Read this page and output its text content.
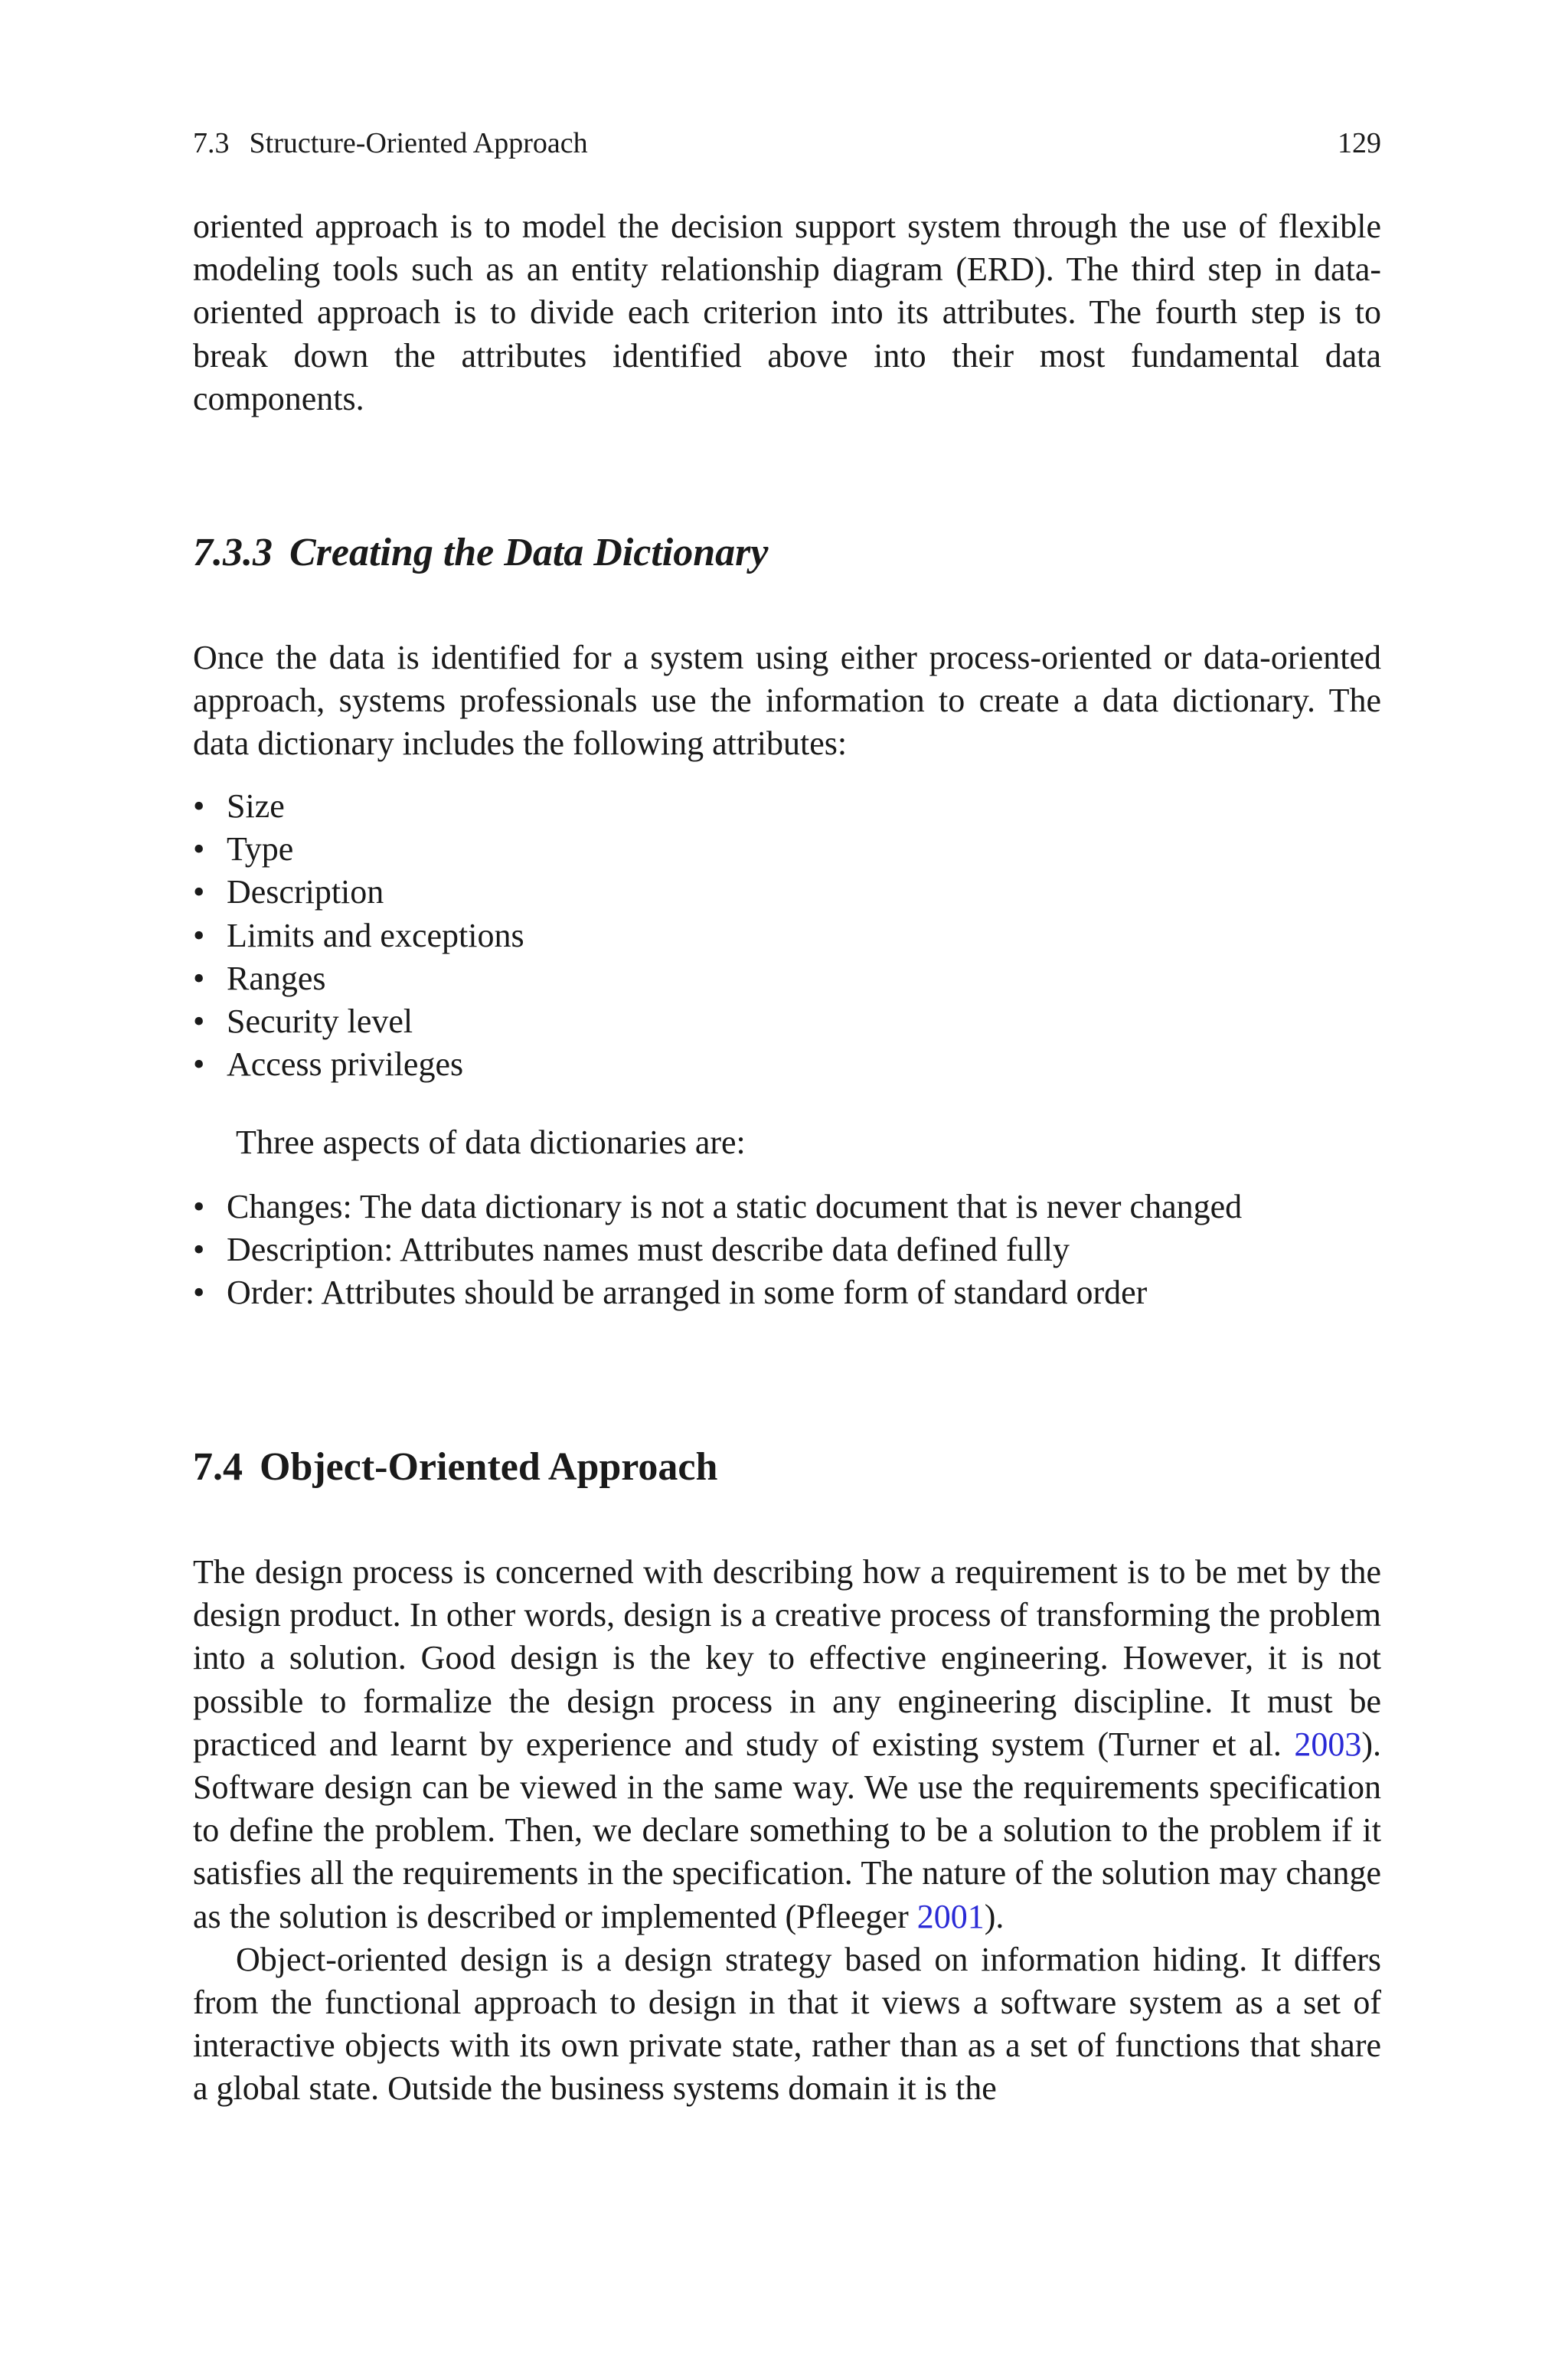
7.3 Structure-Oriented Approach	129

oriented approach is to model the decision support system through the use of flexible modeling tools such as an entity relationship diagram (ERD). The third step in data-oriented approach is to divide each criterion into its attributes. The fourth step is to break down the attributes identified above into their most fundamental data components.

7.3.3 Creating the Data Dictionary

Once the data is identified for a system using either process-oriented or data-oriented approach, systems professionals use the information to create a data dictionary. The data dictionary includes the following attributes:

• Size
• Type
• Description
• Limits and exceptions
• Ranges
• Security level
• Access privileges

Three aspects of data dictionaries are:

• Changes: The data dictionary is not a static document that is never changed
• Description: Attributes names must describe data defined fully
• Order: Attributes should be arranged in some form of standard order
7.4 Object-Oriented Approach

The design process is concerned with describing how a requirement is to be met by the design product. In other words, design is a creative process of transforming the problem into a solution. Good design is the key to effective engineering. However, it is not possible to formalize the design process in any engineering discipline. It must be practiced and learnt by experience and study of existing system (Turner et al. 2003). Software design can be viewed in the same way. We use the requirements specification to define the problem. Then, we declare something to be a solution to the problem if it satisfies all the requirements in the specification. The nature of the solution may change as the solution is described or implemented (Pfleeger 2001).

Object-oriented design is a design strategy based on information hiding. It differs from the functional approach to design in that it views a software system as a set of interactive objects with its own private state, rather than as a set of functions that share a global state. Outside the business systems domain it is the
